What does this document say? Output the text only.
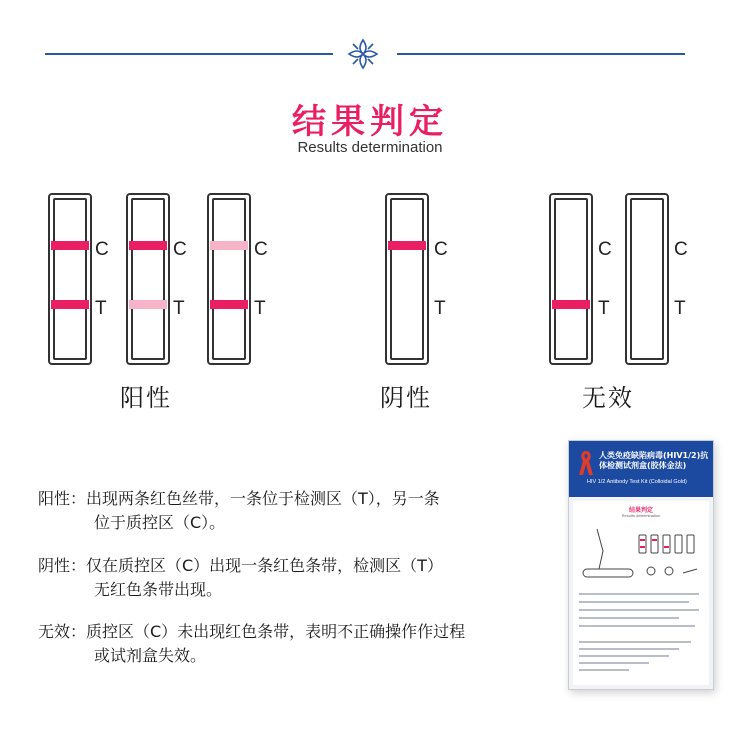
结果判定
Results determination
C
T
C
T
C
T
阳性
C
T
阴性
C
T
C
T
无效
阳性：出现两条红色丝带，一条位于检测区（T），另一条
位于质控区（C）。
阴性：仅在质控区（C）出现一条红色条带，检测区（T）
无红色条带出现。
无效：质控区（C）未出现红色条带，表明不正确操作作过程
或试剂盒失效。
人类免疫缺陷病毒(HIV1/2)抗体检测试剂盒(胶体金法)
HIV 1/2 Antibody Test Kit (Colloidal Gold)
结果判定
Results determination
